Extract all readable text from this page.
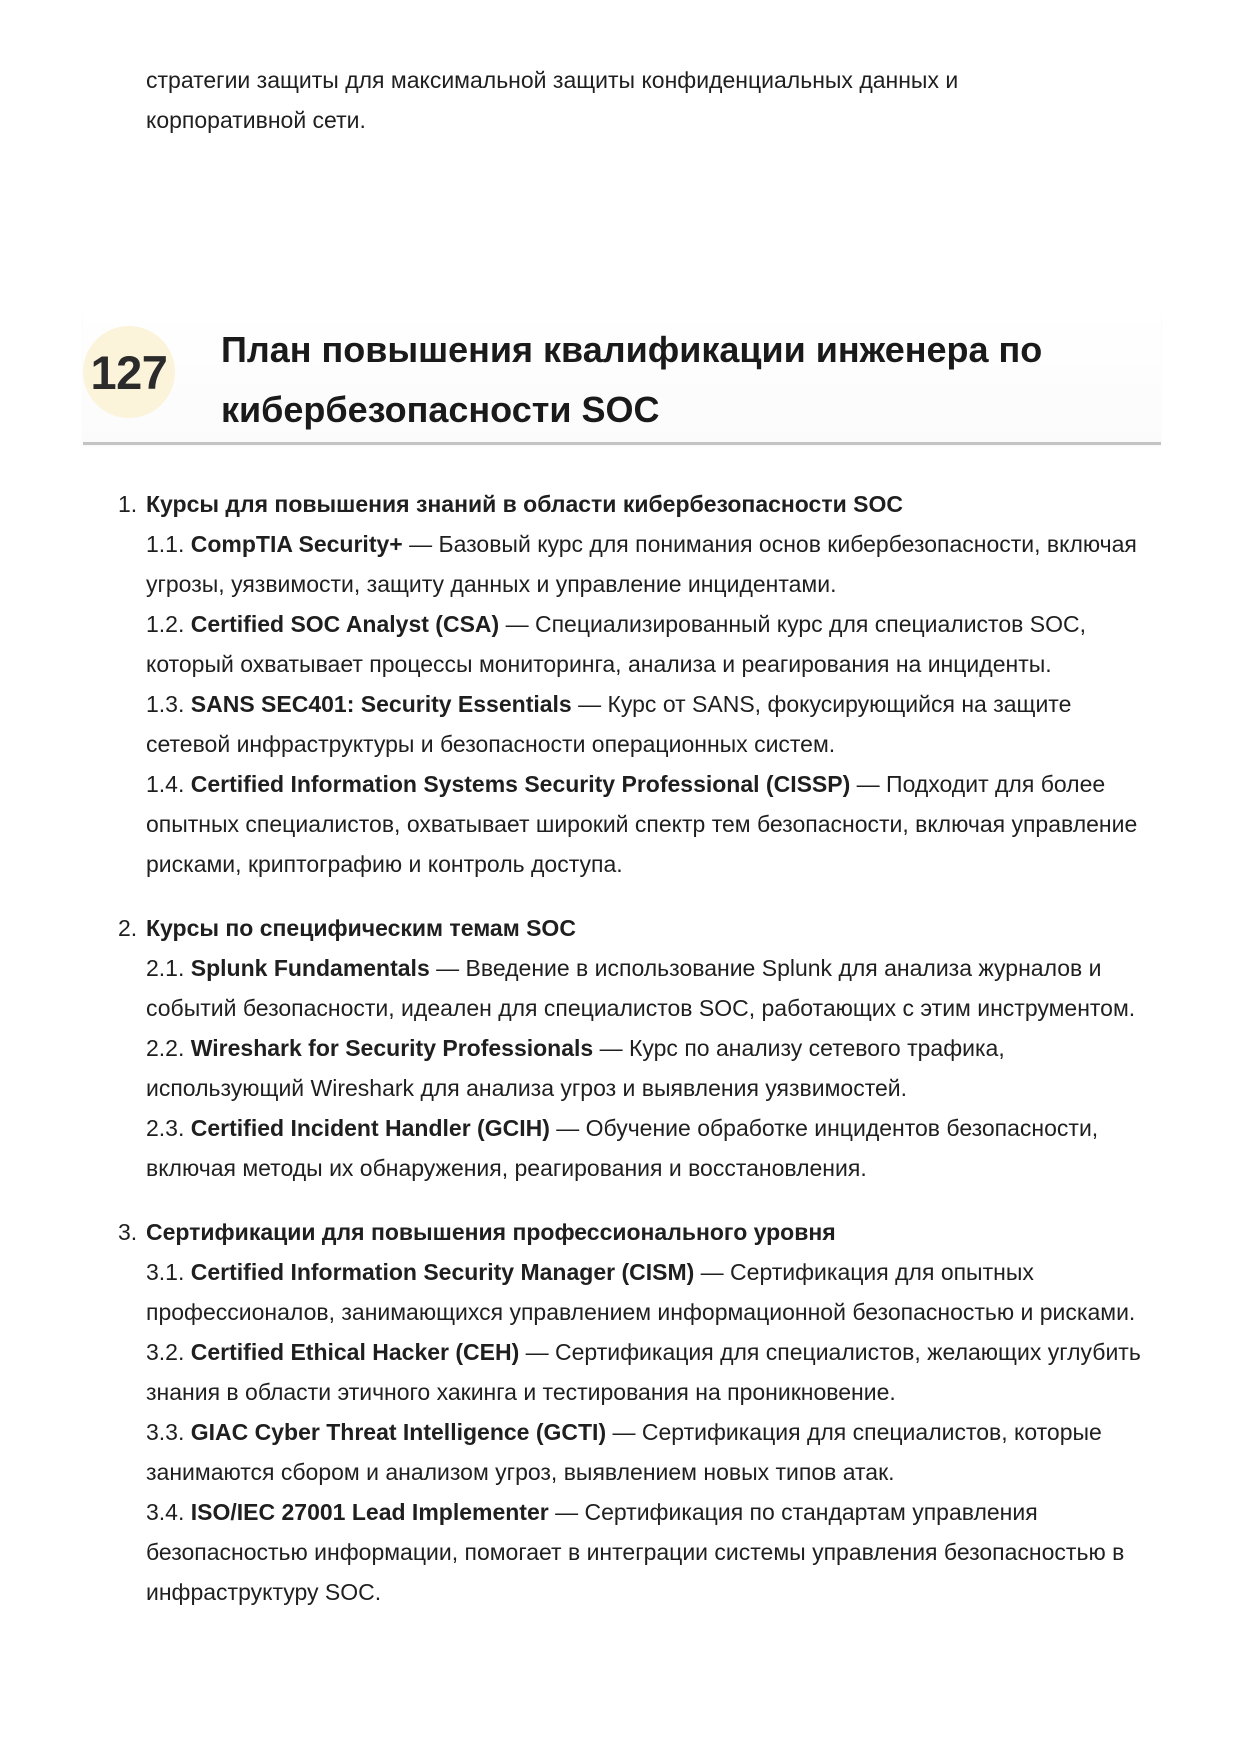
стратегии защиты для максимальной защиты конфиденциальных данных и
корпоративной сети.

127 План повышения квалификации инженера по кибербезопасности SOC
1. Курсы для повышения знаний в области кибербезопасности SOC

1.1. CompTIA Security+ — Базовый курс для понимания основ кибербезопасности, включая угрозы, уязвимости, защиту данных и управление инцидентами.

1.2. Certified SOC Analyst (CSA) — Специализированный курс для специалистов SOC, который охватывает процессы мониторинга, анализа и реагирования на инциденты.

1.3. SANS SEC401: Security Essentials — Курс от SANS, фокусирующийся на защите сетевой инфраструктуры и безопасности операционных систем.

1.4. Certified Information Systems Security Professional (CISSP) — Подходит для более опытных специалистов, охватывает широкий спектр тем безопасности, включая управление рисками, криптографию и контроль доступа.

2. Курсы по специфическим темам SOC

2.1. Splunk Fundamentals — Введение в использование Splunk для анализа журналов и событий безопасности, идеален для специалистов SOC, работающих с этим инструментом.

2.2. Wireshark for Security Professionals — Курс по анализу сетевого трафика, использующий Wireshark для анализа угроз и выявления уязвимостей.

2.3. Certified Incident Handler (GCIH) — Обучение обработке инцидентов безопасности, включая методы их обнаружения, реагирования и восстановления.

3. Сертификации для повышения профессионального уровня

3.1. Certified Information Security Manager (CISM) — Сертификация для опытных профессионалов, занимающихся управлением информационной безопасностью и рисками.

3.2. Certified Ethical Hacker (CEH) — Сертификация для специалистов, желающих углубить знания в области этичного хакинга и тестирования на проникновение.

3.3. GIAC Cyber Threat Intelligence (GCTI) — Сертификация для специалистов, которые занимаются сбором и анализом угроз, выявлением новых типов атак.

3.4. ISO/IEC 27001 Lead Implementer — Сертификация по стандартам управления безопасностью информации, помогает в интеграции системы управления безопасностью в инфраструктуру SOC.
